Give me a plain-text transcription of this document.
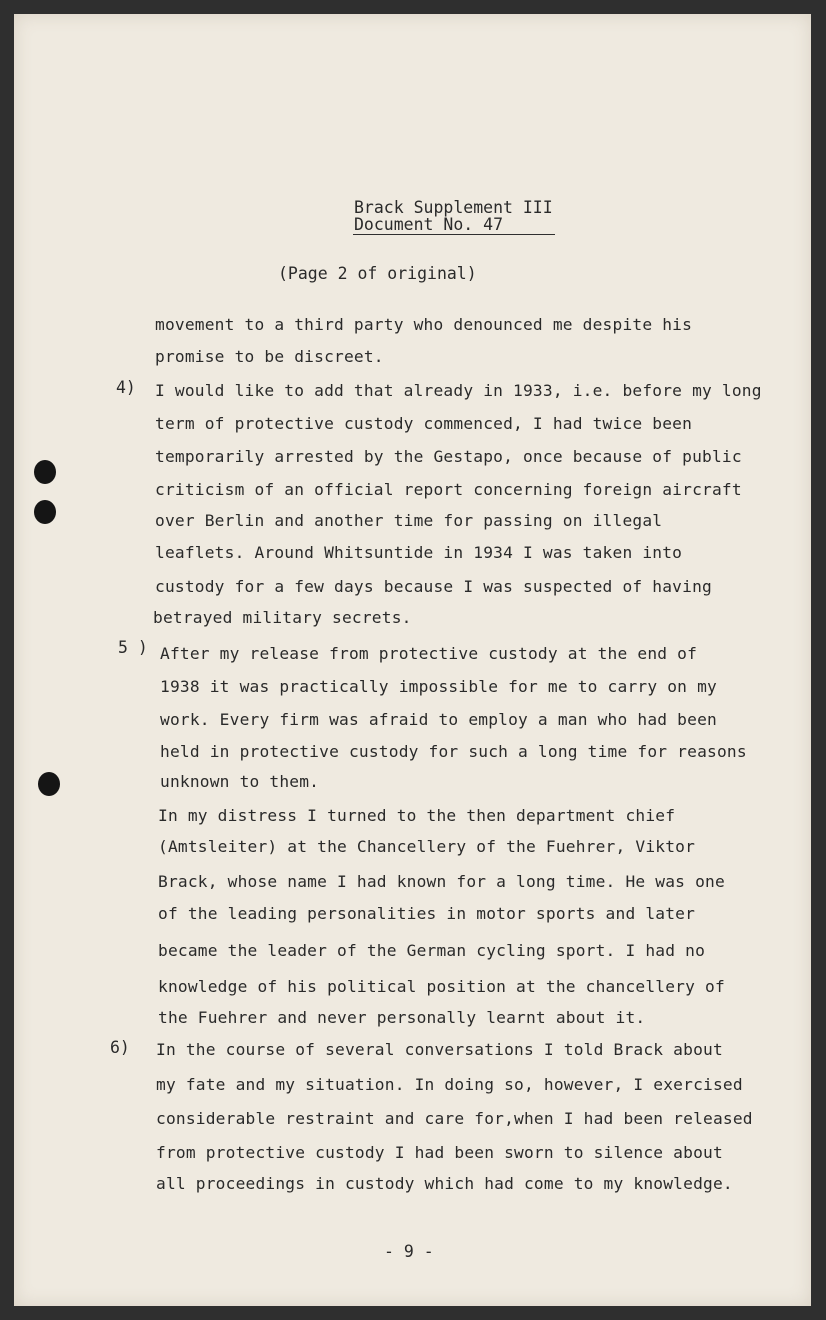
Brack Supplement III
Document No. 47
(Page 2 of original)
movement to a third party who denounced me despite his
promise to be discreet.
4) I would like to add that already in 1933, i.e. before my long
term of protective custody commenced, I had twice been
temporarily arrested by the Gestapo, once because of public
criticism of an official report concerning foreign aircraft
over Berlin and another time for passing on illegal
leaflets. Around Whitsuntide in 1934 I was taken into
custody for a few days because I was suspected of having
betrayed military secrets.
5 ) After my release from protective custody at the end of
1938 it was practically impossible for me to carry on my
work. Every firm was afraid to employ a man who had been
held in protective custody for such a long time for reasons
unknown to them.
In my distress I turned to the then department chief
(Amtsleiter) at the Chancellery of the Fuehrer, Viktor
Brack, whose name I had known for a long time. He was one
of the leading personalities in motor sports and later
became the leader of the German cycling sport. I had no
knowledge of his political position at the chancellery of
the Fuehrer and never personally learnt about it.
6) In the course of several conversations I told Brack about
my fate and my situation. In doing so, however, I exercised
considerable restraint and care for,when I had been released
from protective custody I had been sworn to silence about
all proceedings in custody which had come to my knowledge.
- 9 -
